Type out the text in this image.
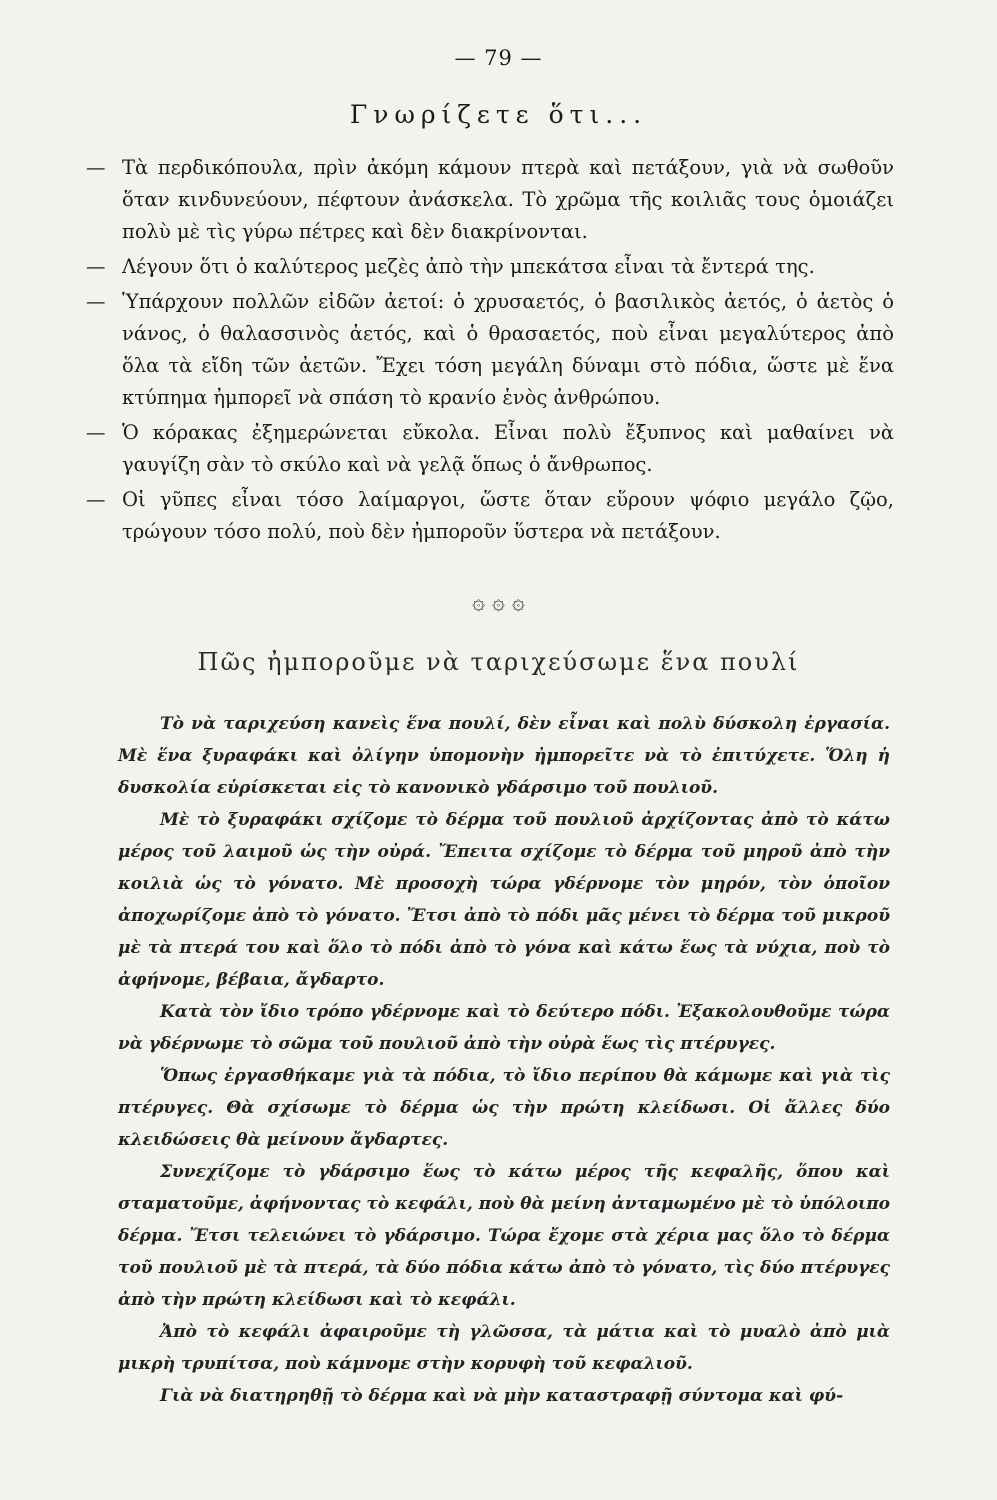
— 79 —
Γνωρίζετε ὅτι...
— Τὰ περδικόπουλα, πρὶν ἀκόμη κάμουν πτερὰ καὶ πετάξουν, γιὰ νὰ σωθοῦν ὅταν κινδυνεύουν, πέφτουν ἀνάσκελα. Τὸ χρῶμα τῆς κοιλιᾶς τους ὁμοιάζει πολὺ μὲ τὶς γύρω πέτρες καὶ δὲν διακρίνονται.
— Λέγουν ὅτι ὁ καλύτερος μεζὲς ἀπὸ τὴν μπεκάτσα εἶναι τὰ ἔντερά της.
— Ὑπάρχουν πολλῶν εἰδῶν ἀετοί: ὁ χρυσαετός, ὁ βασιλικὸς ἀετός, ὁ ἀετὸς ὁ νάνος, ὁ θαλασσινὸς ἀετός, καὶ ὁ θρασαετός, ποὺ εἶναι μεγαλύτερος ἀπὸ ὅλα τὰ εἴδη τῶν ἀετῶν. Ἔχει τόση μεγάλη δύναμι στὸ πόδια, ὥστε μὲ ἕνα κτύπημα ἠμπορεῖ νὰ σπάση τὸ κρανίο ἑνὸς ἀνθρώπου.
— Ὁ κόρακας ἐξημερώνεται εὔκολα. Εἶναι πολὺ ἔξυπνος καὶ μαθαίνει νὰ γαυγίζη σὰν τὸ σκύλο καὶ νὰ γελᾷ ὅπως ὁ ἄνθρωπος.
— Οἱ γῦπες εἶναι τόσο λαίμαργοι, ὥστε ὅταν εὕρουν ψόφιο μεγάλο ζῷο, τρώγουν τόσο πολύ, ποὺ δὲν ἠμποροῦν ὕστερα νὰ πετάξουν.
۞ ۞ ۞
Πῶς ἠμποροῦμε νὰ ταριχεύσωμε ἕνα πουλί

Τὸ νὰ ταριχεύση κανεὶς ἕνα πουλί, δὲν εἶναι καὶ πολὺ δύσκολη ἐργασία. Μὲ ἕνα ξυραφάκι καὶ ὀλίγην ὑπομονὴν ἠμπορεῖτε νὰ τὸ ἐπιτύχετε. Ὅλη ἡ δυσκολία εὑρίσκεται εἰς τὸ κανονικὸ γδάρσιμο τοῦ πουλιοῦ.

Μὲ τὸ ξυραφάκι σχίζομε τὸ δέρμα τοῦ πουλιοῦ ἀρχίζοντας ἀπὸ τὸ κάτω μέρος τοῦ λαιμοῦ ὡς τὴν οὐρά. Ἔπειτα σχίζομε τὸ δέρμα τοῦ μηροῦ ἀπὸ τὴν κοιλιὰ ὡς τὸ γόνατο. Μὲ προσοχὴ τώρα γδέρνομε τὸν μηρόν, τὸν ὁποῖον ἀποχωρίζομε ἀπὸ τὸ γόνατο. Ἔτσι ἀπὸ τὸ πόδι μᾶς μένει τὸ δέρμα τοῦ μικροῦ μὲ τὰ πτερά του καὶ ὅλο τὸ πόδι ἀπὸ τὸ γόνα καὶ κάτω ἕως τὰ νύχια, ποὺ τὸ ἀφήνομε, βέβαια, ἄγδαρτο.

Κατὰ τὸν ἴδιο τρόπο γδέρνομε καὶ τὸ δεύτερο πόδι. Ἐξακολουθοῦμε τώρα νὰ γδέρνωμε τὸ σῶμα τοῦ πουλιοῦ ἀπὸ τὴν οὐρὰ ἕως τὶς πτέρυγες.

Ὅπως ἐργασθήκαμε γιὰ τὰ πόδια, τὸ ἴδιο περίπου θὰ κάμωμε καὶ γιὰ τὶς πτέρυγες. Θὰ σχίσωμε τὸ δέρμα ὡς τὴν πρώτη κλείδωσι. Οἱ ἄλλες δύο κλειδώσεις θὰ μείνουν ἄγδαρτες.

Συνεχίζομε τὸ γδάρσιμο ἕως τὸ κάτω μέρος τῆς κεφαλῆς, ὅπου καὶ σταματοῦμε, ἀφήνοντας τὸ κεφάλι, ποὺ θὰ μείνη ἀνταμωμένο μὲ τὸ ὑπόλοιπο δέρμα. Ἔτσι τελειώνει τὸ γδάρσιμο. Τώρα ἔχομε στὰ χέρια μας ὅλο τὸ δέρμα τοῦ πουλιοῦ μὲ τὰ πτερά, τὰ δύο πόδια κάτω ἀπὸ τὸ γόνατο, τὶς δύο πτέρυγες ἀπὸ τὴν πρώτη κλείδωσι καὶ τὸ κεφάλι.

Ἀπὸ τὸ κεφάλι ἀφαιροῦμε τὴ γλῶσσα, τὰ μάτια καὶ τὸ μυαλὸ ἀπὸ μιὰ μικρὴ τρυπίτσα, ποὺ κάμνομε στὴν κορυφὴ τοῦ κεφαλιοῦ.

Γιὰ νὰ διατηρηθῇ τὸ δέρμα καὶ νὰ μὴν καταστραφῇ σύντομα καὶ φύ-
